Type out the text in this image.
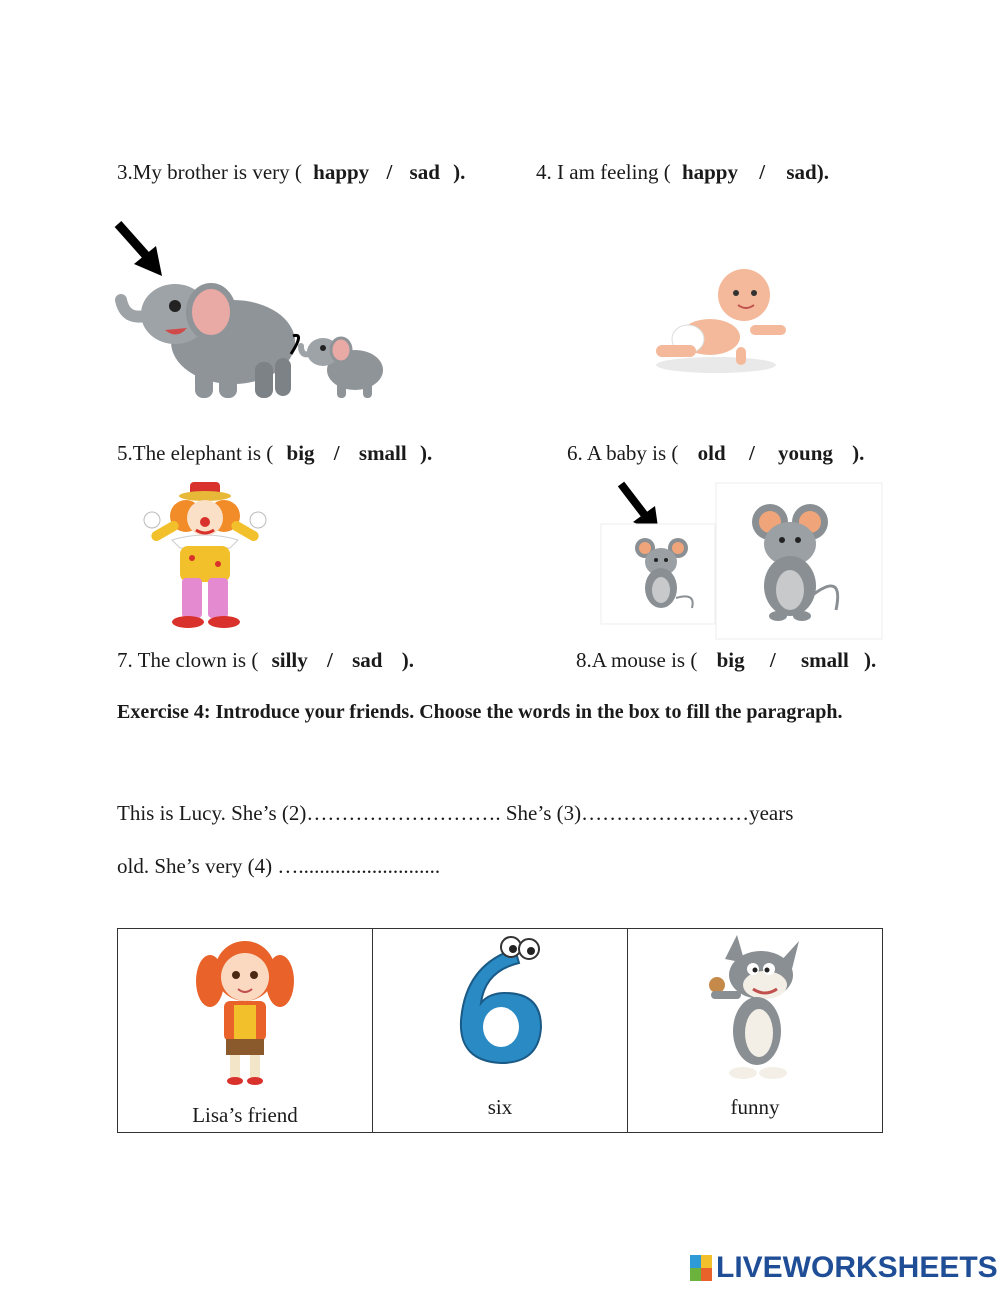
3.My brother is very ( happy / sad ).	4. I am feeling ( happy / sad).
5.The elephant is ( big / small ).	6. A baby is ( old / young ).
7. The clown is ( silly / sad ).	8.A mouse is ( big / small ).
Exercise 4: Introduce your friends. Choose the words in the box to fill the paragraph.
This is Lucy. She’s (2)………………………. She’s (3)……………………years
old. She’s very (4) …...........................
Lisa’s friend	six	funny
LIVEWORKSHEETS
